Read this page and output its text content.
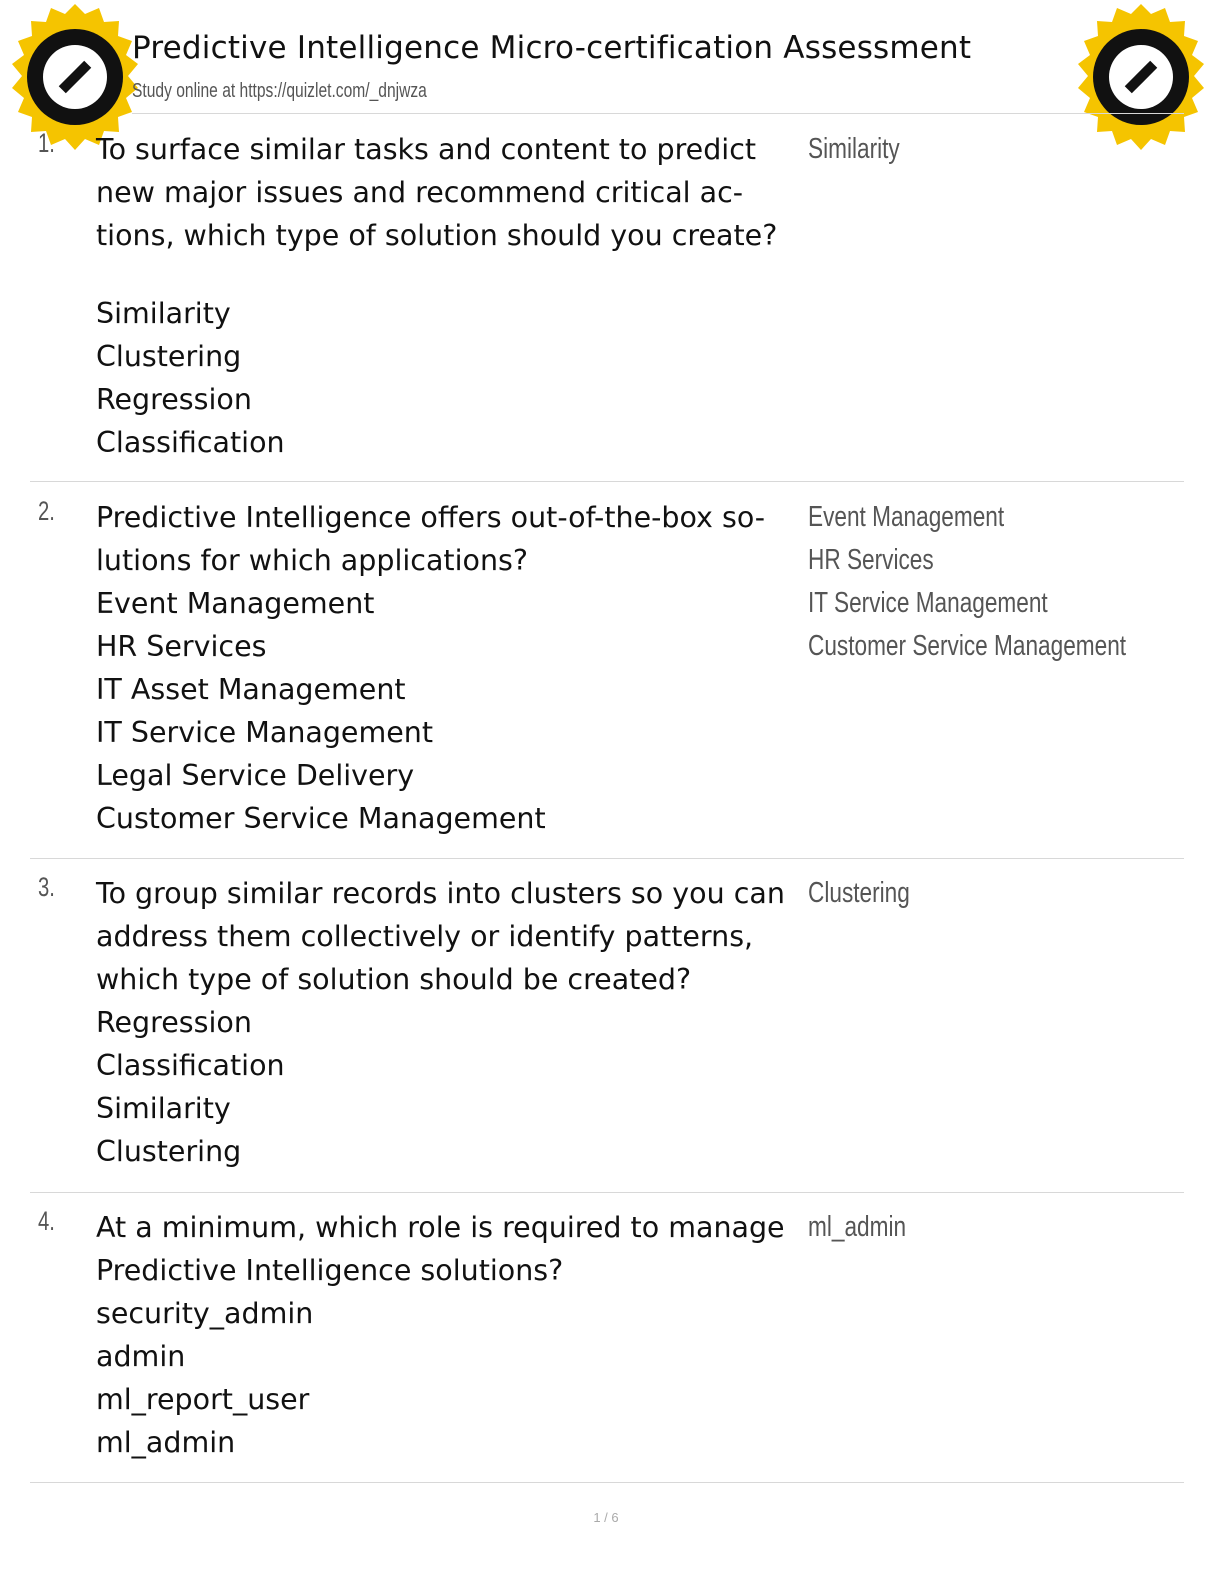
Predictive Intelligence Micro-certification Assessment
Study online at https://quizlet.com/_dnjwza
1. To surface similar tasks and content to predict
new major issues and recommend critical ac-
tions, which type of solution should you create?
Similarity
Clustering
Regression
Classification
Similarity
2. Predictive Intelligence offers out-of-the-box so-
lutions for which applications?
Event Management
HR Services
IT Asset Management
IT Service Management
Legal Service Delivery
Customer Service Management
Event Management
HR Services
IT Service Management
Customer Service Management
3. To group similar records into clusters so you can
address them collectively or identify patterns,
which type of solution should be created?
Regression
Classification
Similarity
Clustering
Clustering
4. At a minimum, which role is required to manage
Predictive Intelligence solutions?
security_admin
admin
ml_report_user
ml_admin
ml_admin
1 / 6
